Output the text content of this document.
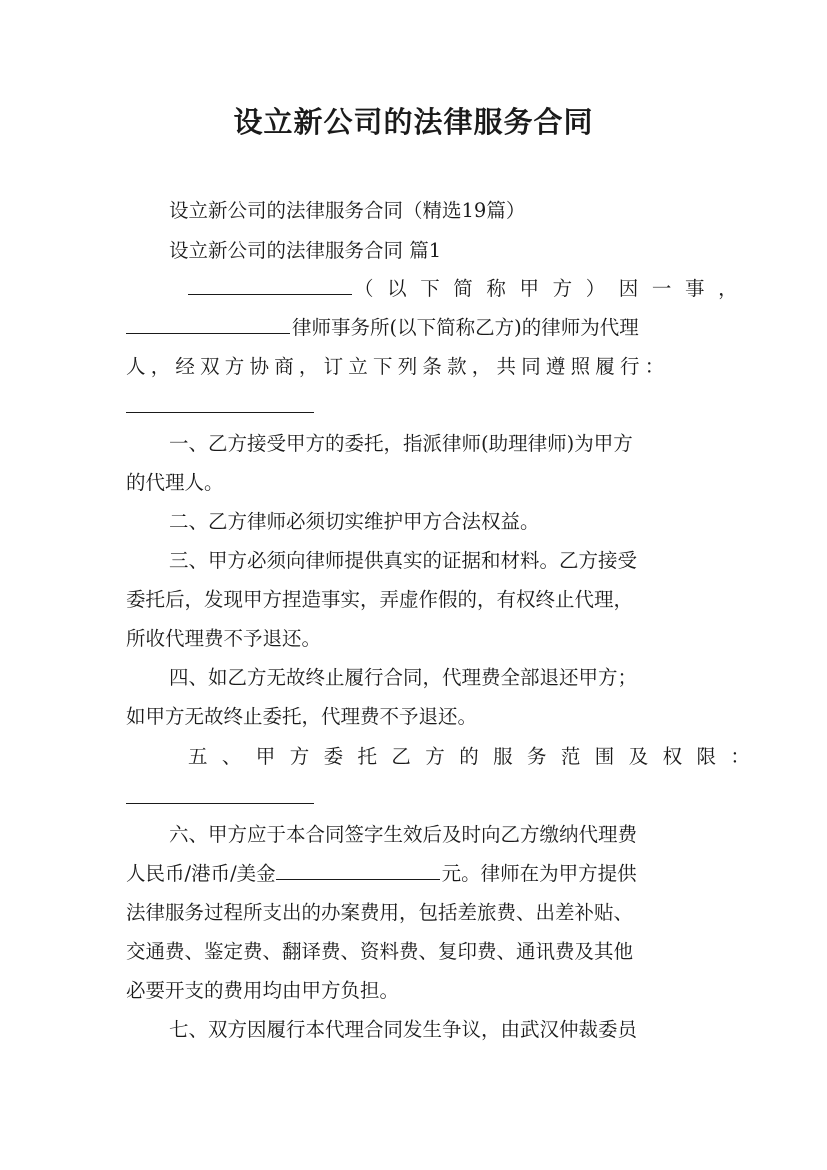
设立新公司的法律服务合同
设立新公司的法律服务合同（精选19篇）
设立新公司的法律服务合同 篇1
（以下简称甲方）因一事，
律师事务所(以下简称乙方)的律师为代理
人，经双方协商，订立下列条款，共同遵照履行：
一、乙方接受甲方的委托，指派律师(助理律师)为甲方
的代理人。
二、乙方律师必须切实维护甲方合法权益。
三、甲方必须向律师提供真实的证据和材料。乙方接受
委托后，发现甲方捏造事实，弄虚作假的，有权终止代理，
所收代理费不予退还。
四、如乙方无故终止履行合同，代理费全部退还甲方；
如甲方无故终止委托，代理费不予退还。
五、甲方委托乙方的服务范围及权限：
六、甲方应于本合同签字生效后及时向乙方缴纳代理费
人民币/港币/美金	元。律师在为甲方提供
法律服务过程所支出的办案费用，包括差旅费、出差补贴、
交通费、鉴定费、翻译费、资料费、复印费、通讯费及其他
必要开支的费用均由甲方负担。
七、双方因履行本代理合同发生争议，由武汉仲裁委员
